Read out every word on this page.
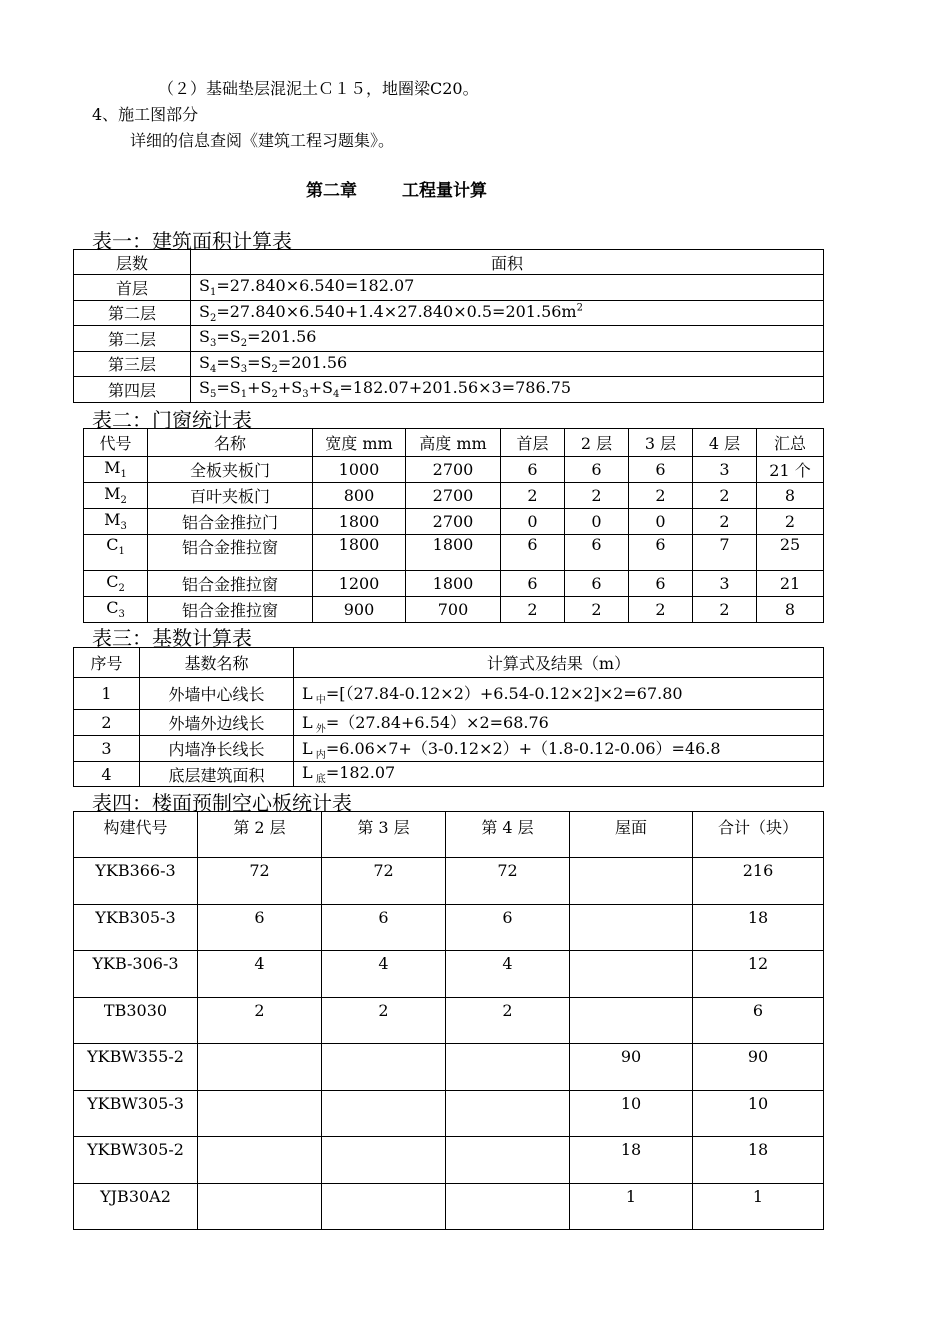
（２）基础垫层混泥土Ｃ１５，地圈梁C20。
4、施工图部分
详细的信息查阅《建筑工程习题集》。
第二章	工程量计算
表一：建筑面积计算表
层数	面积
首层	$S_1=27.840\times 6.540=182.07$
第二层	$S_2=27.840\times 6.540+1.4\times 27.840\times 0.5=201.56m^2$
第二层	$S_3=S_2=201.56$
第三层	$S_4=S_3=S_2=201.56$
第四层	$S_5=S_1+S_2+S_3+S_4=182.07+201.56\times 3=786.75$
表二：门窗统计表
代号	名称	宽度 mm	高度 mm	首层	2 层	3 层	4 层	汇总
$M_1$	全板夹板门	1000	2700	6	6	6	3	21 个
$M_2$	百叶夹板门	800	2700	2	2	2	2	8
$M_3$	铝合金推拉门	1800	2700	0	0	0	2	2
$C_1$	铝合金推拉窗	1800	1800	6	6	6	7	25
$C_2$	铝合金推拉窗	1200	1800	6	6	6	3	21
$C_3$	铝合金推拉窗	900	700	2	2	2	2	8
表三：基数计算表
序号	基数名称	计算式及结果（m）
1	外墙中心线长	L $_中$=[（27.84-0.12×2）+6.54-0.12×2]×2=67.80
2	外墙外边线长	L $_外$=（27.84+6.54）×2=68.76
3	内墙净长线长	L $_内$=6.06×7+（3-0.12×2）+（1.8-0.12-0.06）=46.8
4	底层建筑面积	L $_底$=182.07
表四：楼面预制空心板统计表
构建代号	第 2 层	第 3 层	第 4 层	屋面	合计（块）
YKB366-3	72	72	72		216
YKB305-3	6	6	6		18
YKB-306-3	4	4	4		12
TB3030	2	2	2		6
YKBW355-2				90	90
YKBW305-3				10	10
YKBW305-2				18	18
YJB30A2				1	1
